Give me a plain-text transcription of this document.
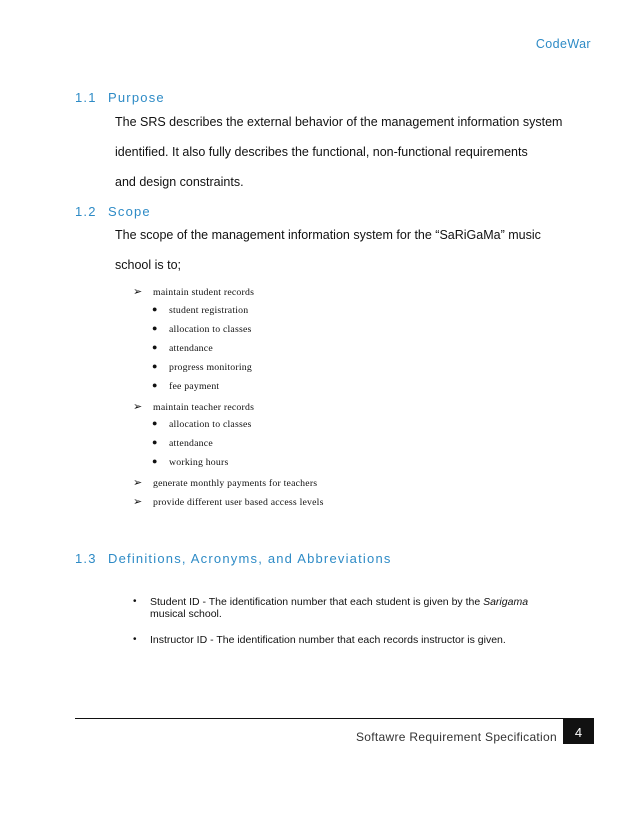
CodeWar
1.1 Purpose
The SRS describes the external behavior of the management information system
identified. It also fully describes the functional, non-functional requirements
and design constraints.
1.2 Scope
The scope of the management information system for the “SaRiGaMa” music
school is to;
➢ maintain student records
● student registration
● allocation to classes
● attendance
● progress monitoring
● fee payment
➢ maintain teacher records
● allocation to classes
● attendance
● working hours
➢ generate monthly payments for teachers
➢ provide different user based access levels
1.3 Definitions, Acronyms, and Abbreviations
• Student ID - The identification number that each student is given by the Sarigama musical school.
• Instructor ID - The identification number that each records instructor is given.
Softawre Requirement Specification	4
